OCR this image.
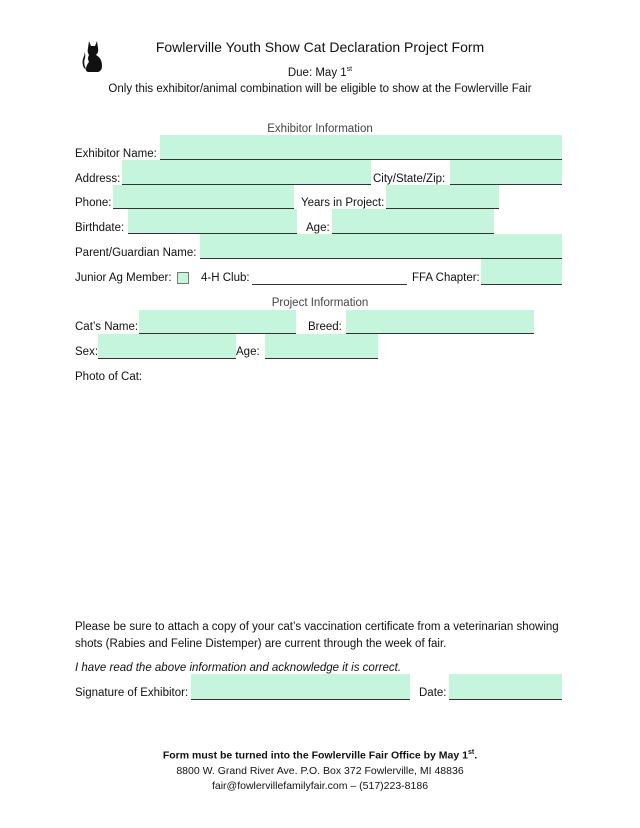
Fowlerville Youth Show Cat Declaration Project Form
Due: May 1st
Only this exhibitor/animal combination will be eligible to show at the Fowlerville Fair
Exhibitor Information
Exhibitor Name:
Address:	City/State/Zip:
Phone:	Years in Project:
Birthdate:	Age:
Parent/Guardian Name:
Junior Ag Member:	4-H Club:	FFA Chapter:
Project Information
Cat’s Name:	Breed:
Sex:	Age:
Photo of Cat:
Please be sure to attach a copy of your cat’s vaccination certificate from a veterinarian showing
shots (Rabies and Feline Distemper) are current through the week of fair.
I have read the above information and acknowledge it is correct.
Signature of Exhibitor:	Date:
Form must be turned into the Fowlerville Fair Office by May 1st.
8800 W. Grand River Ave. P.O. Box 372 Fowlerville, MI 48836
fair@fowlervillefamilyfair.com – (517)223-8186
